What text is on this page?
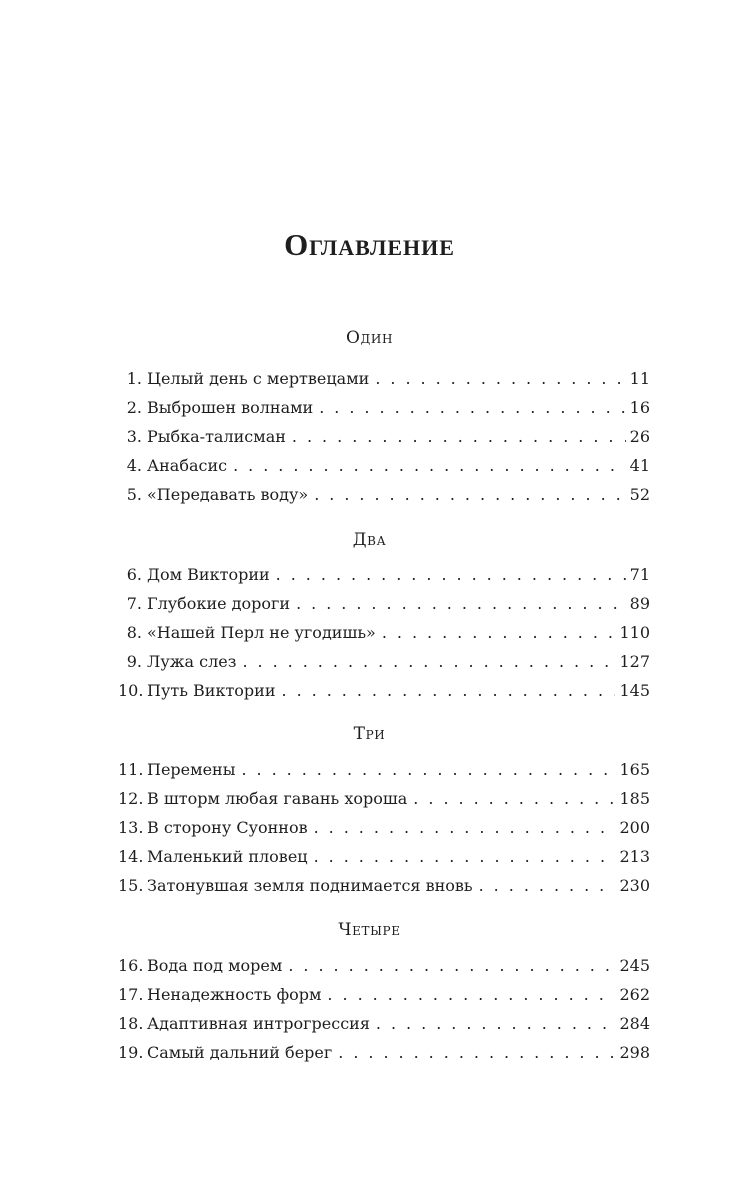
Оглавление
Один
1. Целый день с мертвецами . . .	11
2. Выброшен волнами . . .	16
3. Рыбка-талисман . . .	26
4. Анабасис . . .	41
5. «Передавать воду» . . .	52
Два
6. Дом Виктории . . .	71
7. Глубокие дороги . . .	89
8. «Нашей Перл не угодишь» . . .	110
9. Лужа слез . . .	127
10. Путь Виктории . . .	145
Три
11. Перемены . . .	165
12. В шторм любая гавань хороша . . .	185
13. В сторону Суоннов . . .	200
14. Маленький пловец . . .	213
15. Затонувшая земля поднимается вновь . . .	230
Четыре
16. Вода под морем . . .	245
17. Ненадежность форм . . .	262
18. Адаптивная интрогрессия . . .	284
19. Самый дальний берег . . .	298
